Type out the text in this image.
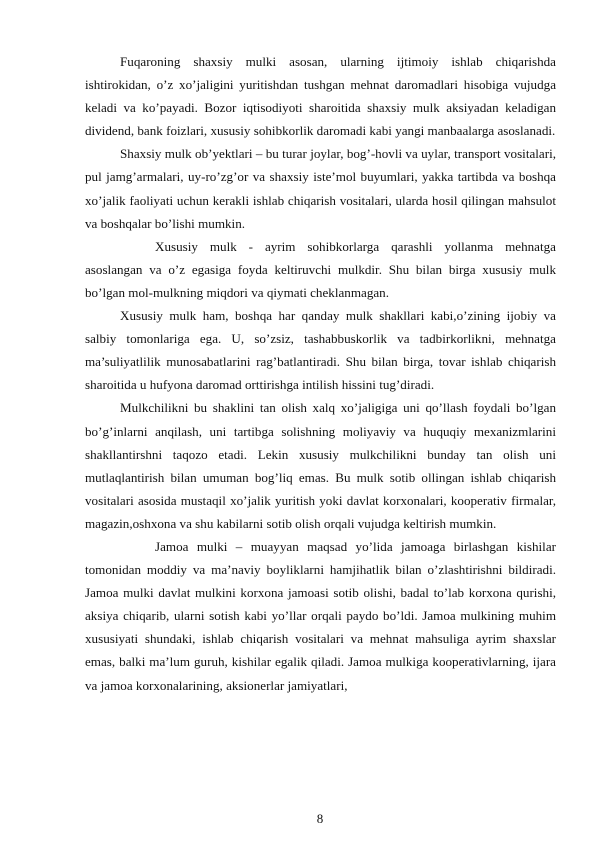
Fuqaroning shaxsiy mulki asosan, ularning ijtimoiy ishlab chiqarishda ishtirokidan, o’z xo’jaligini yuritishdan tushgan mehnat daromadlari hisobiga vujudga keladi va ko’payadi. Bozor iqtisodiyoti sharoitida shaxsiy mulk aksiyadan keladigan dividend, bank foizlari, xususiy sohibkorlik daromadi kabi yangi manbaalarga asoslanadi.

Shaxsiy mulk ob’yektlari – bu turar joylar, bog’-hovli va uylar, transport vositalari, pul jamg’armalari, uy-ro’zg’or va shaxsiy iste’mol buyumlari, yakka tartibda va boshqa xo’jalik faoliyati uchun kerakli ishlab chiqarish vositalari, ularda hosil qilingan mahsulot va boshqalar bo’lishi mumkin.

Xususiy mulk - ayrim sohibkorlarga qarashli yollanma mehnatga asoslangan va o’z egasiga foyda keltiruvchi mulkdir. Shu bilan birga xususiy mulk bo’lgan mol-mulkning miqdori va qiymati cheklanmagan.

Xususiy mulk ham, boshqa har qanday mulk shakllari kabi,o’zining ijobiy va salbiy tomonlariga ega. U, so’zsiz, tashabbuskorlik va tadbirkorlikni, mehnatga ma’suliyatlilik munosabatlarini rag’batlantiradi. Shu bilan birga, tovar ishlab chiqarish sharoitida u hufyona daromad orttirishga intilish hissini tug’diradi.

Mulkchilikni bu shaklini tan olish xalq xo’jaligiga uni qo’llash foydali bo’lgan bo’g’inlarni anqilash, uni tartibga solishning moliyaviy va huquqiy mexanizmlarini shakllantirshni taqozo etadi. Lekin xususiy mulkchilikni bunday tan olish uni mutlaqlantirish bilan umuman bog’liq emas. Bu mulk sotib ollingan ishlab chiqarish vositalari asosida mustaqil xo’jalik yuritish yoki davlat korxonalari, kooperativ firmalar, magazin,oshxona va shu kabilarni sotib olish orqali vujudga keltirish mumkin.

Jamoa mulki – muayyan maqsad yo’lida jamoaga birlashgan kishilar tomonidan moddiy va ma’naviy boyliklarni hamjihatlik bilan o’zlashtirishni bildiradi. Jamoa mulki davlat mulkini korxona jamoasi sotib olishi, badal to’lab korxona qurishi, aksiya chiqarib, ularni sotish kabi yo’llar orqali paydo bo’ldi. Jamoa mulkining muhim xususiyati shundaki, ishlab chiqarish vositalari va mehnat mahsuliga ayrim shaxslar emas, balki ma’lum guruh, kishilar egalik qiladi. Jamoa mulkiga kooperativlarning, ijara va jamoa korxonalarining, aksionerlar jamiyatlari,

8
